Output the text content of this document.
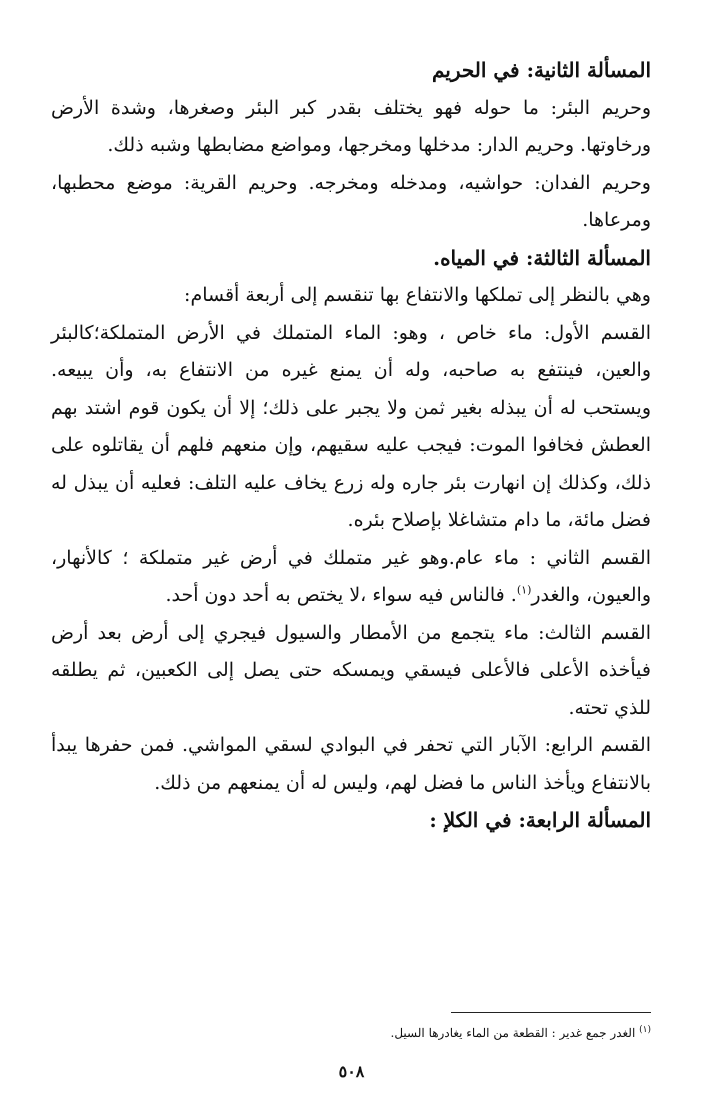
المسألة الثانية: في الحريم

وحريم البئر: ما حوله فهو يختلف بقدر كبر البئر وصغرها، وشدة الأرض ورخاوتها. وحريم الدار: مدخلها ومخرجها، ومواضع مضابطها وشبه ذلك.

وحريم الفدان: حواشيه، ومدخله ومخرجه. وحريم القرية: موضع محطبها، ومرعاها.

المسألة الثالثة: في المياه.

وهي بالنظر إلى تملكها والانتفاع بها تنقسم إلى أربعة أقسام:

القسم الأول: ماء خاص ، وهو: الماء المتملك في الأرض المتملكة؛كالبئر والعين، فينتفع به صاحبه، وله أن يمنع غيره من الانتفاع به، وأن يبيعه. ويستحب له أن يبذله بغير ثمن ولا يجبر على ذلك؛ إلا أن يكون قوم اشتد بهم العطش فخافوا الموت: فيجب عليه سقيهم، وإن منعهم فلهم أن يقاتلوه على ذلك، وكذلك إن انهارت بئر جاره وله زرع يخاف عليه التلف: فعليه أن يبذل له فضل مائة، ما دام متشاغلا بإصلاح بئره.

القسم الثاني : ماء عام.وهو غير متملك في أرض غير متملكة ؛ كالأنهار، والعيون، والغدر$^{(١)}$. فالناس فيه سواء ،لا يختص به أحد دون أحد.

القسم الثالث: ماء يتجمع من الأمطار والسيول فيجري إلى أرض بعد أرض فيأخذه الأعلى فالأعلى فيسقي ويمسكه حتى يصل إلى الكعبين، ثم يطلقه للذي تحته.

القسم الرابع: الآبار التي تحفر في البوادي لسقي المواشي. فمن حفرها يبدأ بالانتفاع ويأخذ الناس ما فضل لهم، وليس له أن يمنعهم من ذلك.

المسألة الرابعة: في الكلإ :

$^{(١)}$ الغدر جمع غدير : القطعة من الماء يغادرها السيل.
٥٠٨
